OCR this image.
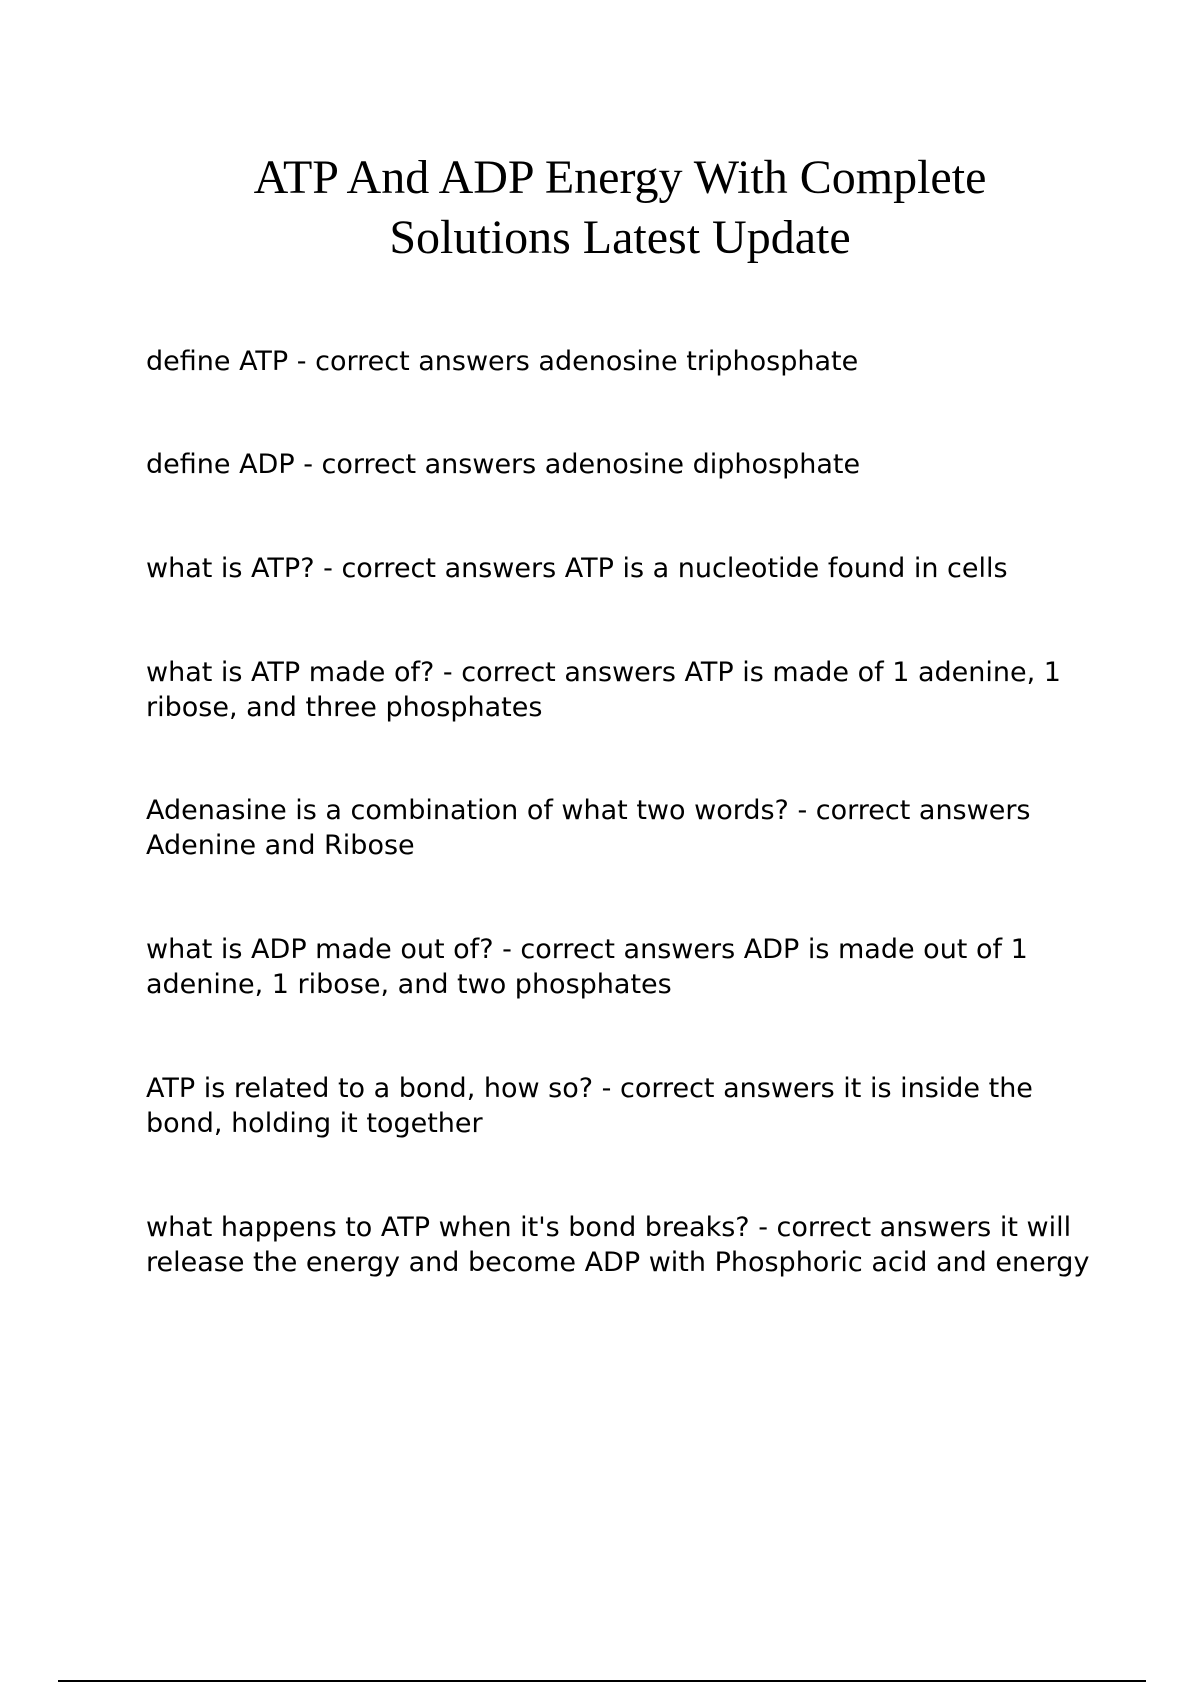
ATP And ADP Energy With Complete
Solutions Latest Update
define ATP - correct answers adenosine triphosphate
define ADP - correct answers adenosine diphosphate
what is ATP? - correct answers ATP is a nucleotide found in cells
what is ATP made of? - correct answers ATP is made of 1 adenine, 1 ribose, and three phosphates
Adenasine is a combination of what two words? - correct answers Adenine and Ribose
what is ADP made out of? - correct answers ADP is made out of 1 adenine, 1 ribose, and two phosphates
ATP is related to a bond, how so? - correct answers it is inside the bond, holding it together
what happens to ATP when it's bond breaks? - correct answers it will release the energy and become ADP with Phosphoric acid and energy
